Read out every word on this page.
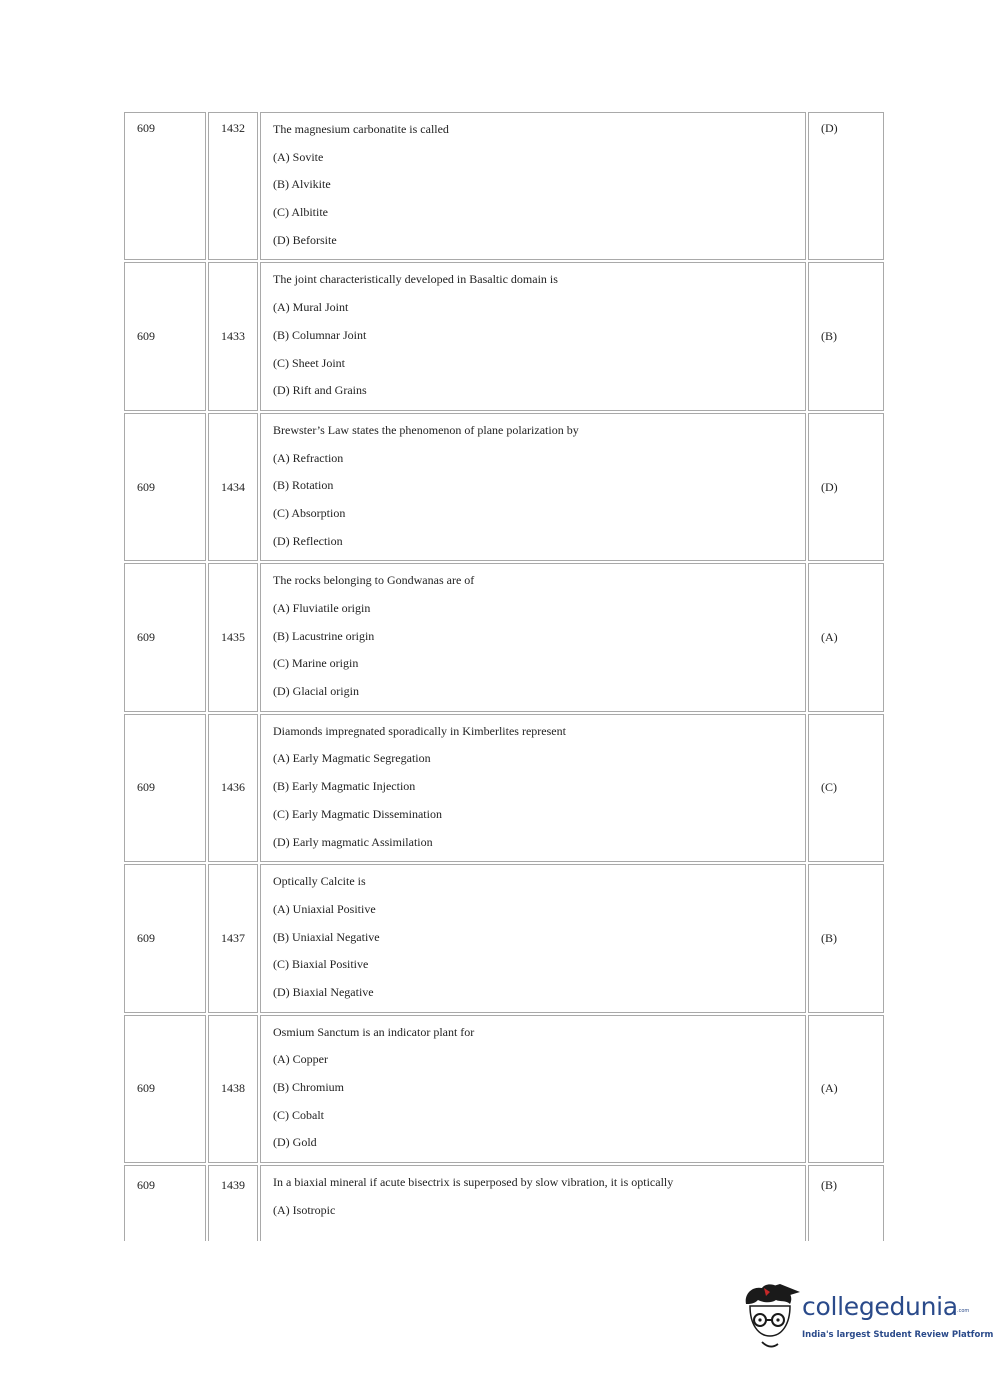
609	1432	The magnesium carbonatite is called
(A) Sovite
(B) Alvikite
(C) Albitite
(D) Beforsite	(D)
609	1433	The joint characteristically developed in Basaltic domain is
(A) Mural Joint
(B) Columnar Joint
(C) Sheet Joint
(D) Rift and Grains	(B)
609	1434	Brewster’s Law states the phenomenon of plane polarization by
(A) Refraction
(B) Rotation
(C) Absorption
(D) Reflection	(D)
609	1435	The rocks belonging to Gondwanas are of
(A) Fluviatile origin
(B) Lacustrine origin
(C) Marine origin
(D) Glacial origin	(A)
609	1436	Diamonds impregnated sporadically in Kimberlites represent
(A) Early Magmatic Segregation
(B) Early Magmatic Injection
(C) Early Magmatic Dissemination
(D) Early magmatic Assimilation	(C)
609	1437	Optically Calcite is
(A) Uniaxial Positive
(B) Uniaxial Negative
(C) Biaxial Positive
(D) Biaxial Negative	(B)
609	1438	Osmium Sanctum is an indicator plant for
(A) Copper
(B) Chromium
(C) Cobalt
(D) Gold	(A)
609	1439	In a biaxial mineral if acute bisectrix is superposed by slow vibration, it is optically
(A) Isotropic	(B)
collegedunia .com
India's largest Student Review Platform
